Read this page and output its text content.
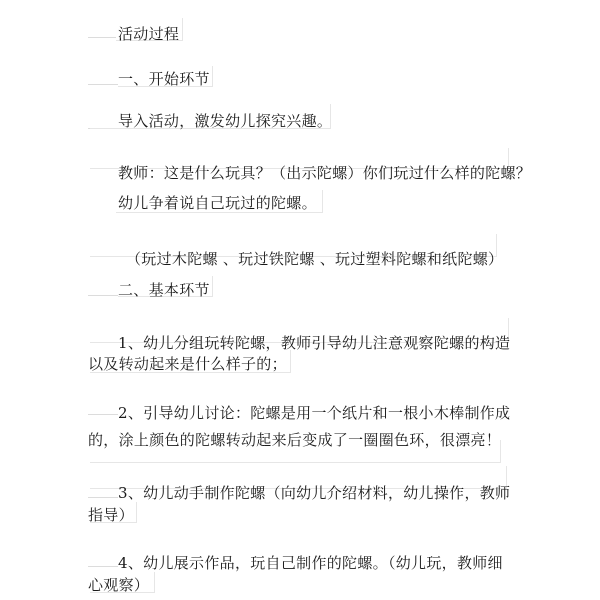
活动过程
一、开始环节
导入活动，激发幼儿探究兴趣。
教师：这是什么玩具？（出示陀螺）你们玩过什么样的陀螺？
幼儿争着说自己玩过的陀螺。
（玩过木陀螺 、玩过铁陀螺 、玩过塑料陀螺和纸陀螺）
二、基本环节
1、幼儿分组玩转陀螺，教师引导幼儿注意观察陀螺的构造
以及转动起来是什么样子的；
2、引导幼儿讨论：陀螺是用一个纸片和一根小木棒制作成
的，涂上颜色的陀螺转动起来后变成了一圈圈色环，很漂亮！
3、幼儿动手制作陀螺（向幼儿介绍材料，幼儿操作，教师
指导）
4、幼儿展示作品，玩自己制作的陀螺。（幼儿玩，教师细
心观察）
